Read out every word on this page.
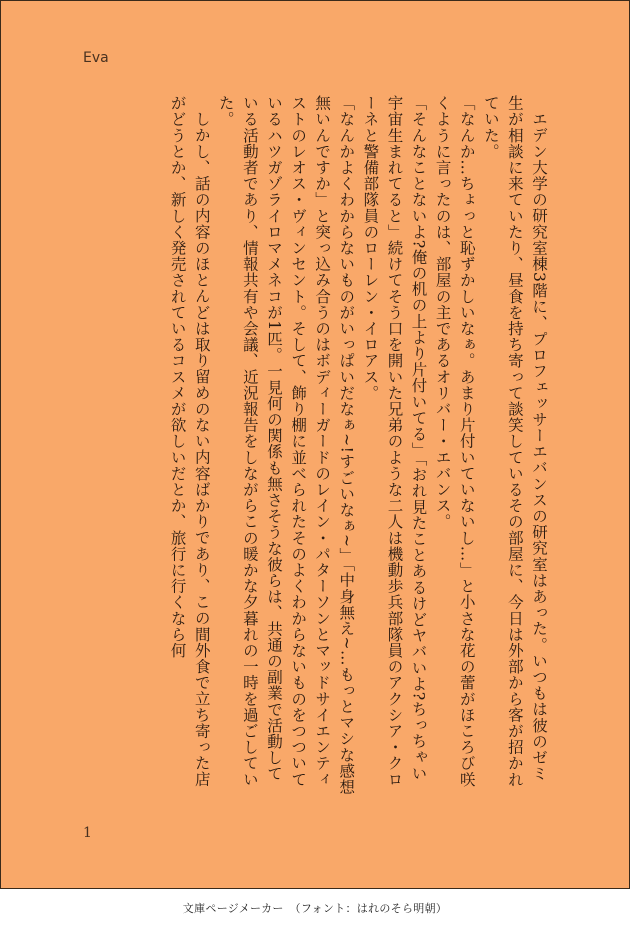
Eva

エデン大学の研究室棟3階に、プロフェッサーエバンスの研究室はあった。いつもは彼のゼミ生が相談に来ていたり、昼食を持ち寄って談笑しているその部屋に、今日は外部から客が招かれていた。

「なんか…ちょっと恥ずかしいなぁ。あまり片付いていないし…」と小さな花の蕾がほころび咲くように言ったのは、部屋の主であるオリバー・エバンス。

「そんなことないよ?俺の机の上より片付いてる」「おれ見たことあるけどヤバいよ?ちっちゃい宇宙生まれてると」続けてそう口を開いた兄弟のような二人は機動歩兵部隊員のアクシア・クローネと警備部隊員のローレン・イロアス。

「なんかよくわからないものがいっぱいだなぁ~!すごいなぁ~」「中身無え~…もっとマシな感想無いんですか」と突っ込み合うのはボディーガードのレイン・パターソンとマッドサイエンティストのレオス・ヴィンセント。そして、飾り棚に並べられたそのよくわからないものをつついているハツガゾライロマメネコが1匹。一見何の関係も無さそうな彼らは、共通の副業で活動している活動者であり、情報共有や会議、近況報告をしながらこの暖かな夕暮れの一時を過ごしていた。

しかし、話の内容のほとんどは取り留めのない内容ばかりであり、この間外食で立ち寄った店がどうとか、新しく発売されているコスメが欲しいだとか、旅行に行くなら何

1
文庫ページメーカー　（フォント：はれのそら明朝）
